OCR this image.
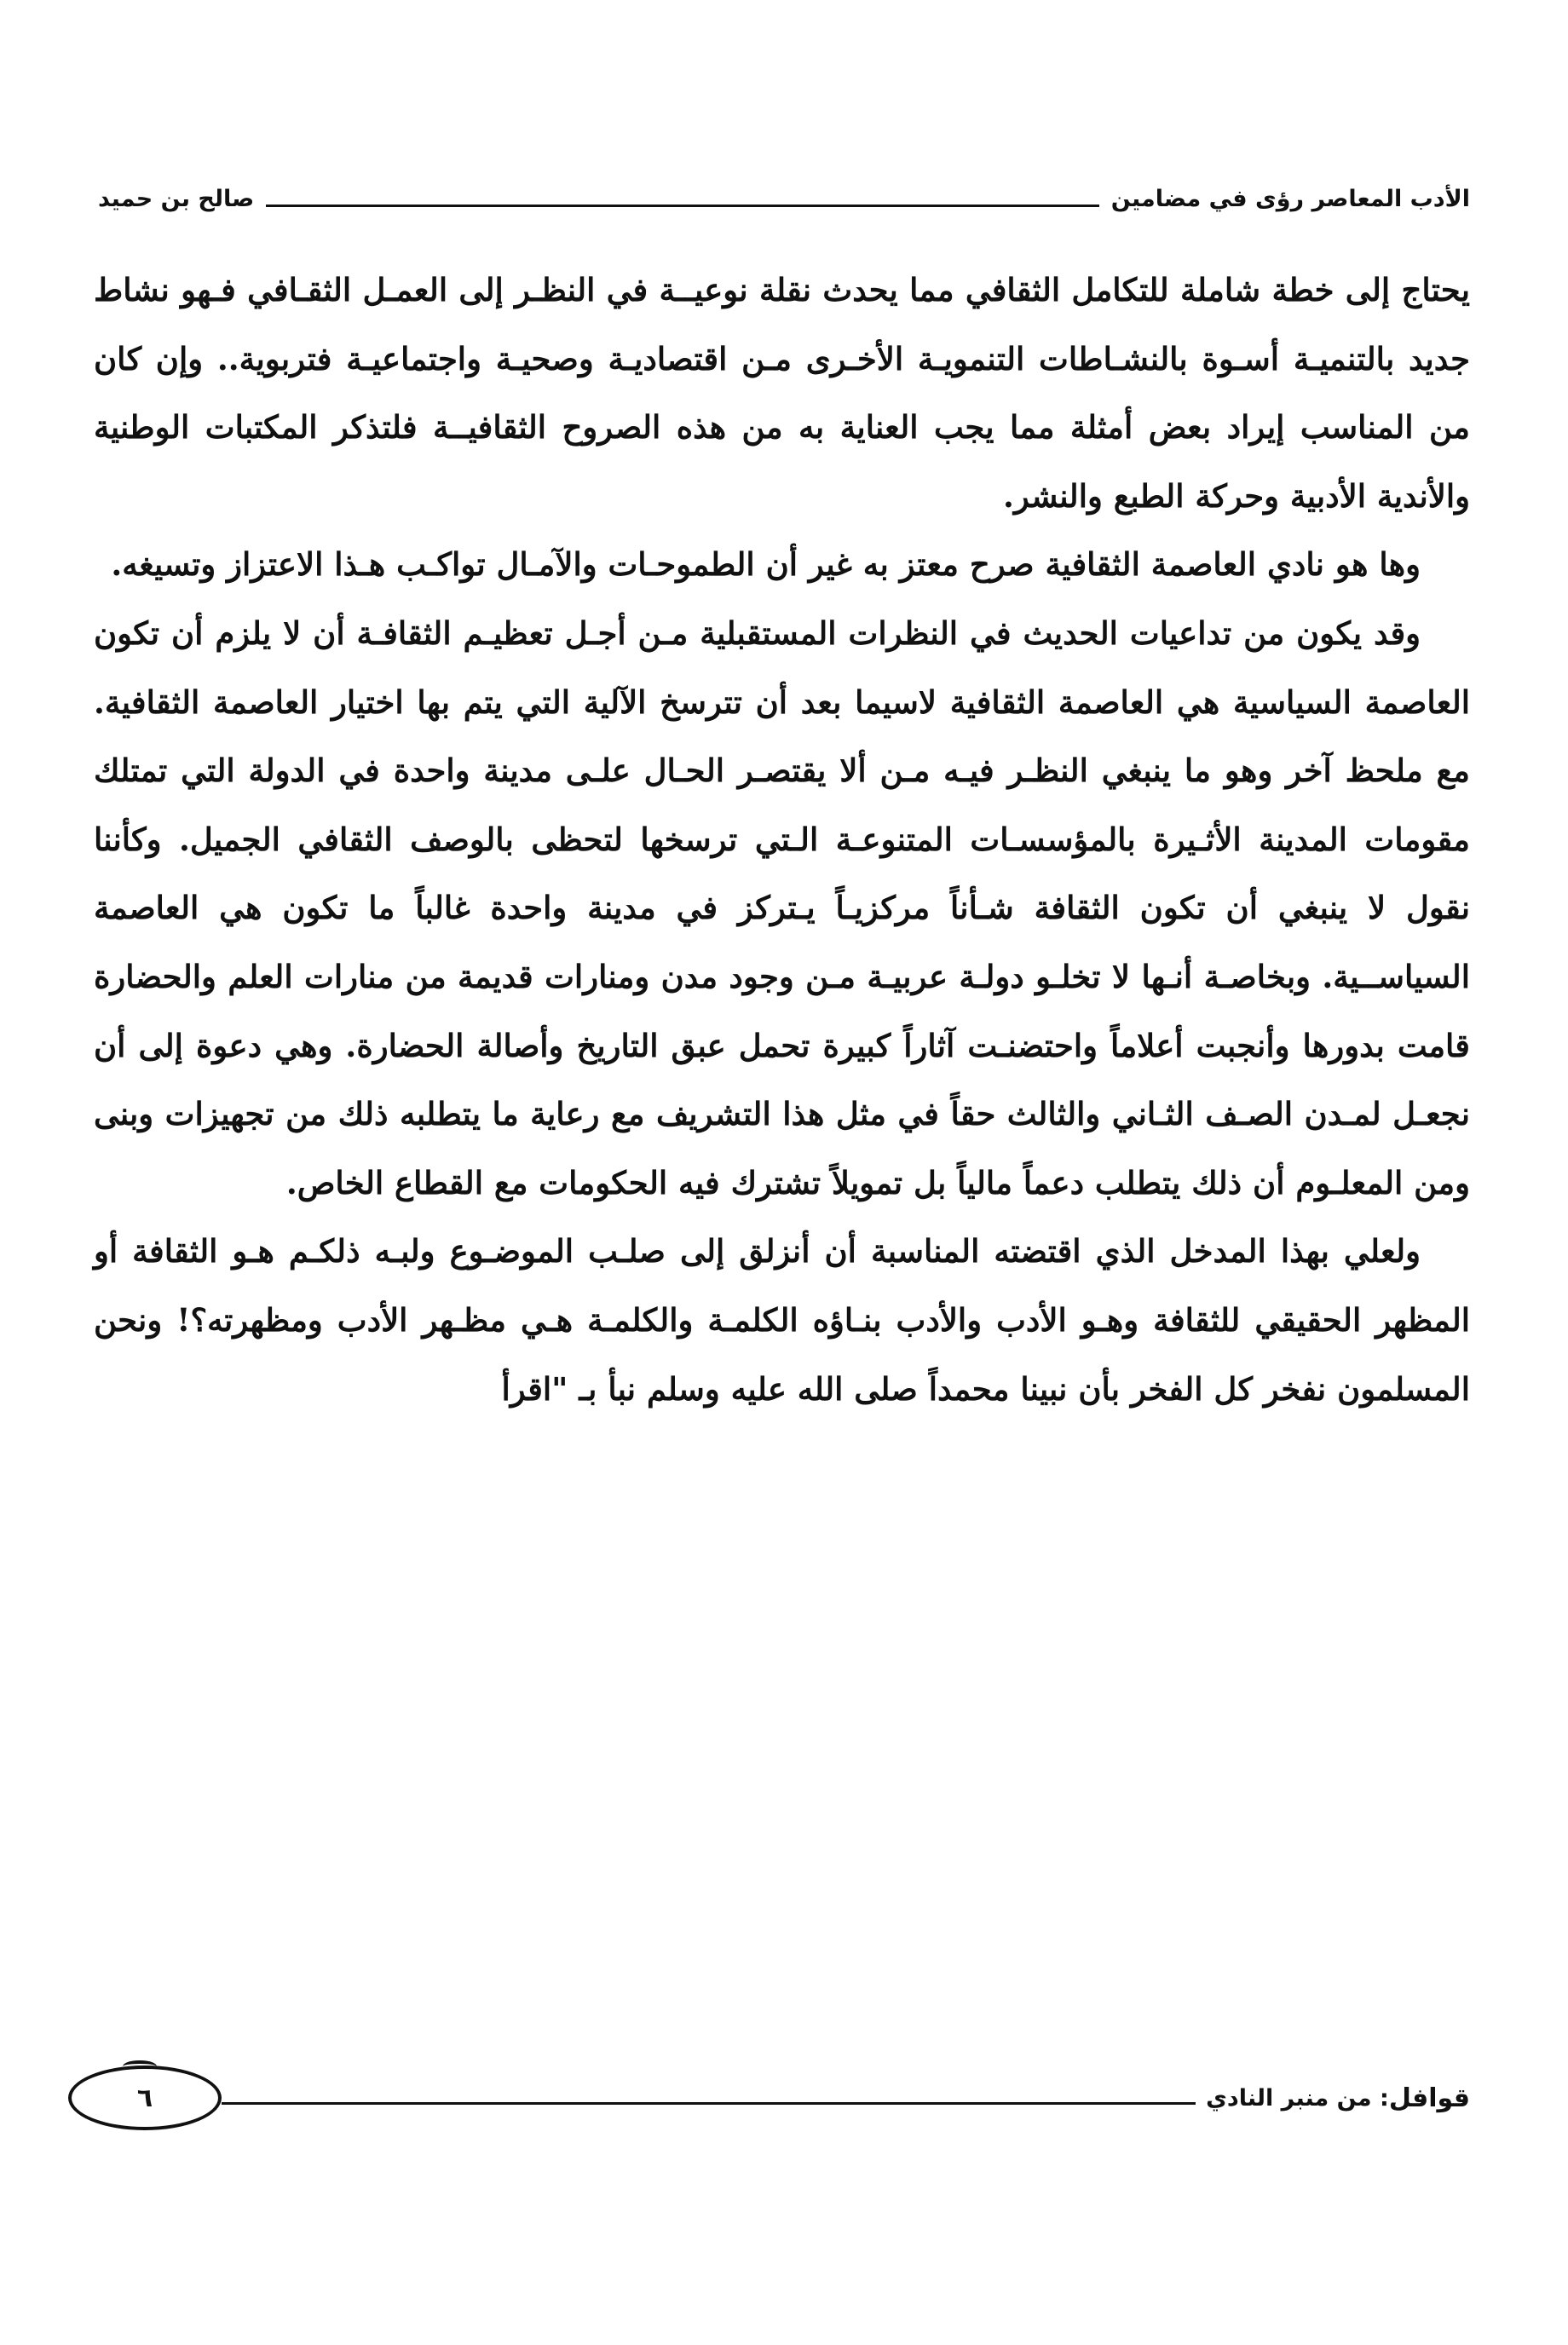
الأدب المعاصر رؤى في مضامين
صالح بن حميد

يحتاج إلى خطة شاملة للتكامل الثقافي مما يحدث نقلة نوعيــة في النظـر إلى العمـل الثقـافي فـهو نشاط جديد بالتنميـة أسـوة بالنشـاطات التنمويـة الأخـرى مـن اقتصاديـة وصحيـة واجتماعيـة فتربوية.. وإن كان من المناسب إيراد بعض أمثلة مما يجب العناية به من هذه الصروح الثقافيــة فلتذكر المكتبات الوطنية والأندية الأدبية وحركة الطبع والنشر.

وها هو نادي العاصمة الثقافية صرح معتز به غير أن الطموحـات والآمـال تواكـب هـذا الاعتزاز وتسيغه.

وقد يكون من تداعيات الحديث في النظرات المستقبلية مـن أجـل تعظيـم الثقافـة أن لا يلزم أن تكون العاصمة السياسية هي العاصمة الثقافية لاسيما بعد أن تترسخ الآلية التي يتم بها اختيار العاصمة الثقافية. مع ملحظ آخر وهو ما ينبغي النظـر فيـه مـن ألا يقتصـر الحـال علـى مدينة واحدة في الدولة التي تمتلك مقومات المدينة الأثـيرة بالمؤسسـات المتنوعـة الـتي ترسخها لتحظى بالوصف الثقافي الجميل. وكأننا نقول لا ينبغي أن تكون الثقافة شـأناً مركزيـاً يـتركز في مدينة واحدة غالباً ما تكون هي العاصمة السياســية. وبخاصـة أنـها لا تخلـو دولـة عربيـة مـن وجود مدن ومنارات قديمة من منارات العلم والحضارة قامت بدورها وأنجبت أعلاماً واحتضنـت آثاراً كبيرة تحمل عبق التاريخ وأصالة الحضارة. وهي دعوة إلى أن نجعـل لمـدن الصـف الثـاني والثالث حقاً في مثل هذا التشريف مع رعاية ما يتطلبه ذلك من تجهيزات وبنى ومن المعلـوم أن ذلك يتطلب دعماً مالياً بل تمويلاً تشترك فيه الحكومات مع القطاع الخاص.

ولعلي بهذا المدخل الذي اقتضته المناسبة أن أنزلق إلى صلـب الموضـوع ولبـه ذلكـم هـو الثقافة أو المظهر الحقيقي للثقافة وهـو الأدب والأدب بنـاؤه الكلمـة والكلمـة هـي مظـهر الأدب ومظهرته؟! ونحن المسلمون نفخر كل الفخر بأن نبينا محمداً صلى الله عليه وسلم نبأ بـ "اقرأ

قوافل
: من منبر النادي
٦
